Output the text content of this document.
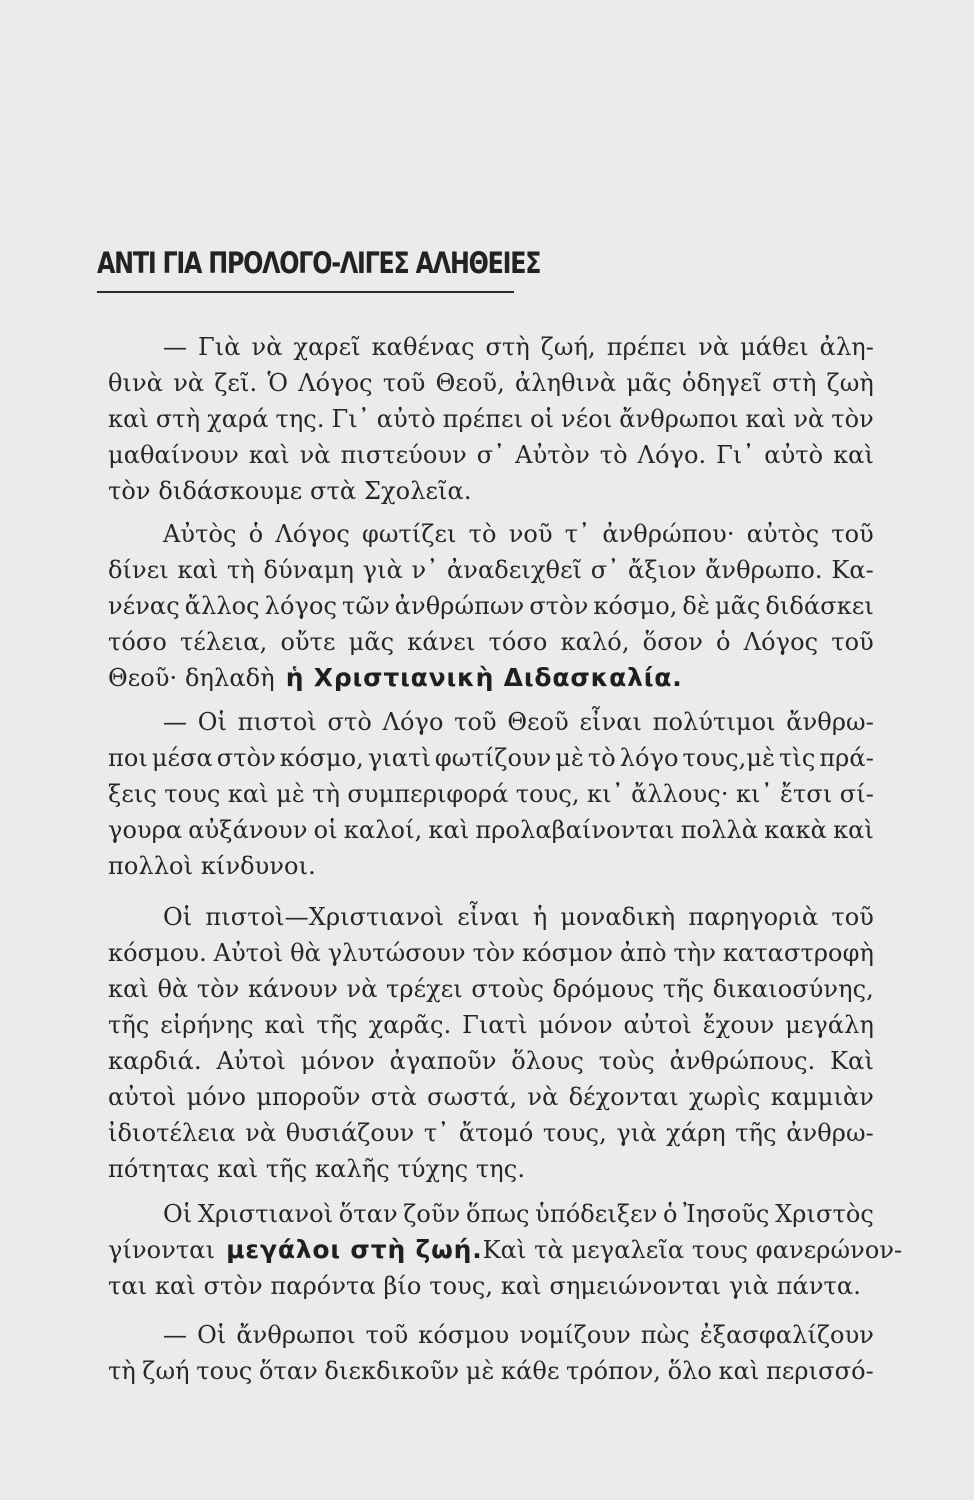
ΑΝΤΙ ΓΙΑ ΠΡΟΛΟΓΟ-ΛΙΓΕΣ ΑΛΗΘΕΙΕΣ
— Γιὰ νὰ χαρεῖ καθένας στὴ ζωή, πρέπει νὰ μάθει ἀλη-
θινὰ νὰ ζεῖ. Ὁ Λόγος τοῦ Θεοῦ, ἀληθινὰ μᾶς ὁδηγεῖ στὴ ζωὴ
καὶ στὴ χαρά της. Γι᾽ αὐτὸ πρέπει οἱ νέοι ἄνθρωποι καὶ νὰ τὸν
μαθαίνουν καὶ νὰ πιστεύουν σ᾽ Αὐτὸν τὸ Λόγο. Γι᾽ αὐτὸ καὶ
τὸν διδάσκουμε στὰ Σχολεῖα.
Αὐτὸς ὁ Λόγος φωτίζει τὸ νοῦ τ᾽ ἀνθρώπου· αὐτὸς τοῦ
δίνει καὶ τὴ δύναμη γιὰ ν᾽ ἀναδειχθεῖ σ᾽ ἄξιον ἄνθρωπο. Κα-
νένας ἄλλος λόγος τῶν ἀνθρώπων στὸν κόσμο, δὲ μᾶς διδάσκει
τόσο τέλεια, οὔτε μᾶς κάνει τόσο καλό, ὅσον ὁ Λόγος τοῦ
Θεοῦ· δηλαδὴ ἡ Χριστιανικὴ Διδασκαλία.
— Οἱ πιστοὶ στὸ Λόγο τοῦ Θεοῦ εἶναι πολύτιμοι ἄνθρω-
ποι μέσα στὸν κόσμο, γιατὶ φωτίζουν μὲ τὸ λόγο τους,μὲ τὶς πρά-
ξεις τους καὶ μὲ τὴ συμπεριφορά τους, κι᾽ ἄλλους· κι᾽ ἔτσι σί-
γουρα αὐξάνουν οἱ καλοί, καὶ προλαβαίνονται πολλὰ κακὰ καὶ
πολλοὶ κίνδυνοι.
Οἱ πιστοὶ—Χριστιανοὶ εἶναι ἡ μοναδικὴ παρηγοριὰ τοῦ
κόσμου. Αὐτοὶ θὰ γλυτώσουν τὸν κόσμον ἀπὸ τὴν καταστροφὴ
καὶ θὰ τὸν κάνουν νὰ τρέχει στοὺς δρόμους τῆς δικαιοσύνης,
τῆς εἰρήνης καὶ τῆς χαρᾶς. Γιατὶ μόνον αὐτοὶ ἔχουν μεγάλη
καρδιά. Αὐτοὶ μόνον ἀγαποῦν ὅλους τοὺς ἀνθρώπους. Καὶ
αὐτοὶ μόνο μποροῦν στὰ σωστά, νὰ δέχονται χωρὶς καμμιὰν
ἰδιοτέλεια νὰ θυσιάζουν τ᾽ ἄτομό τους, γιὰ χάρη τῆς ἀνθρω-
πότητας καὶ τῆς καλῆς τύχης της.
Οἱ Χριστιανοὶ ὅταν ζοῦν ὅπως ὑπόδειξεν ὁ Ἰησοῦς Χριστὸς
γίνονται μεγάλοι στὴ ζωή. Καὶ τὰ μεγαλεῖα τους φανερώνον-
ται καὶ στὸν παρόντα βίο τους, καὶ σημειώνονται γιὰ πάντα.
— Οἱ ἄνθρωποι τοῦ κόσμου νομίζουν πὼς ἐξασφαλίζουν
τὴ ζωή τους ὅταν διεκδικοῦν μὲ κάθε τρόπον, ὅλο καὶ περισσό-
